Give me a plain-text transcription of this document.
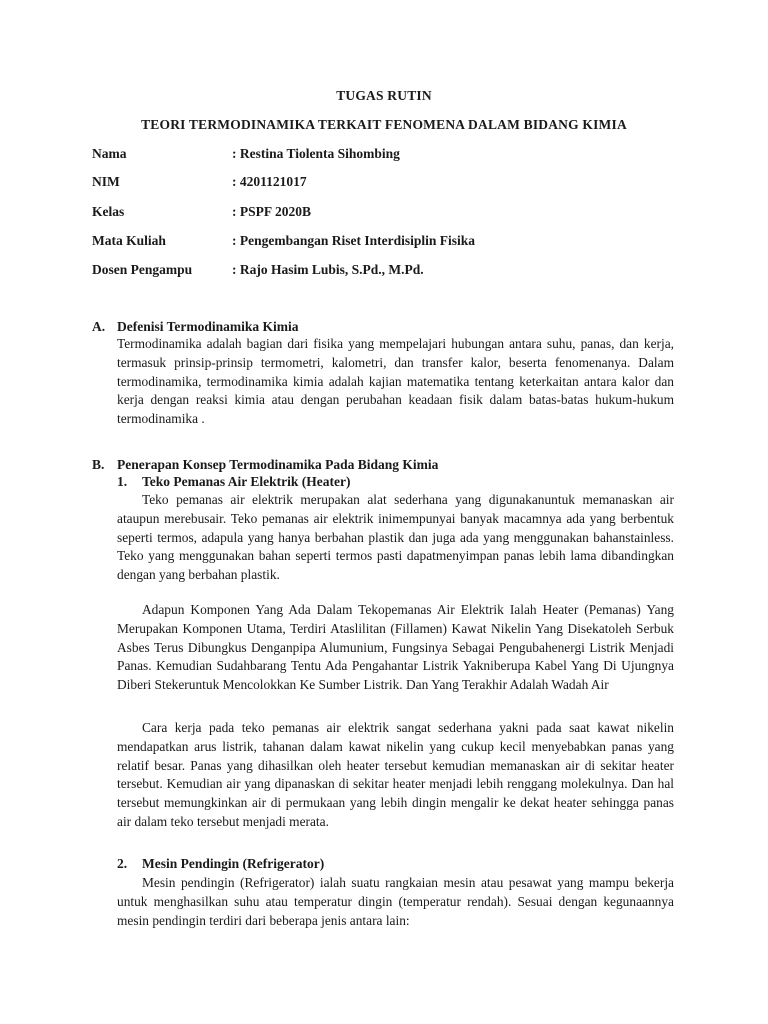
TUGAS RUTIN
TEORI TERMODINAMIKA TERKAIT FENOMENA DALAM BIDANG KIMIA
Nama	: Restina Tiolenta Sihombing
NIM	: 4201121017
Kelas	: PSPF 2020B
Mata Kuliah	: Pengembangan Riset Interdisiplin Fisika
Dosen Pengampu	: Rajo Hasim Lubis, S.Pd., M.Pd.
A. Defenisi Termodinamika Kimia

Termodinamika adalah bagian dari fisika yang mempelajari hubungan antara suhu, panas, dan kerja, termasuk prinsip-prinsip termometri, kalometri, dan transfer kalor, beserta fenomenanya. Dalam termodinamika, termodinamika kimia adalah kajian matematika tentang keterkaitan antara kalor dan kerja dengan reaksi kimia atau dengan perubahan keadaan fisik dalam batas-batas hukum-hukum termodinamika .

B. Penerapan Konsep Termodinamika Pada Bidang Kimia
1. Teko Pemanas Air Elektrik (Heater)

Teko pemanas air elektrik merupakan alat sederhana yang digunakanuntuk memanaskan air ataupun merebusair. Teko pemanas air elektrik inimempunyai banyak macamnya ada yang berbentuk seperti termos, adapula yang hanya berbahan plastik dan juga ada yang menggunakan bahanstainless. Teko yang menggunakan bahan seperti termos pasti dapatmenyimpan panas lebih lama dibandingkan dengan yang berbahan plastik.

Adapun Komponen Yang Ada Dalam Tekopemanas Air Elektrik Ialah Heater (Pemanas) Yang Merupakan Komponen Utama, Terdiri Ataslilitan (Fillamen) Kawat Nikelin Yang Disekatoleh Serbuk Asbes Terus Dibungkus Denganpipa Alumunium, Fungsinya Sebagai Pengubahenergi Listrik Menjadi Panas. Kemudian Sudahbarang Tentu Ada Pengahantar Listrik Yakniberupa Kabel Yang Di Ujungnya Diberi Stekeruntuk Mencolokkan Ke Sumber Listrik. Dan Yang Terakhir Adalah Wadah Air

Cara kerja pada teko pemanas air elektrik sangat sederhana yakni pada saat kawat nikelin mendapatkan arus listrik, tahanan dalam kawat nikelin yang cukup kecil menyebabkan panas yang relatif besar. Panas yang dihasilkan oleh heater tersebut kemudian memanaskan air di sekitar heater tersebut. Kemudian air yang dipanaskan di sekitar heater menjadi lebih renggang molekulnya. Dan hal tersebut memungkinkan air di permukaan yang lebih dingin mengalir ke dekat heater sehingga panas air dalam teko tersebut menjadi merata.

2. Mesin Pendingin (Refrigerator)

Mesin pendingin (Refrigerator) ialah suatu rangkaian mesin atau pesawat yang mampu bekerja untuk menghasilkan suhu atau temperatur dingin (temperatur rendah). Sesuai dengan kegunaannya mesin pendingin terdiri dari beberapa jenis antara lain:
